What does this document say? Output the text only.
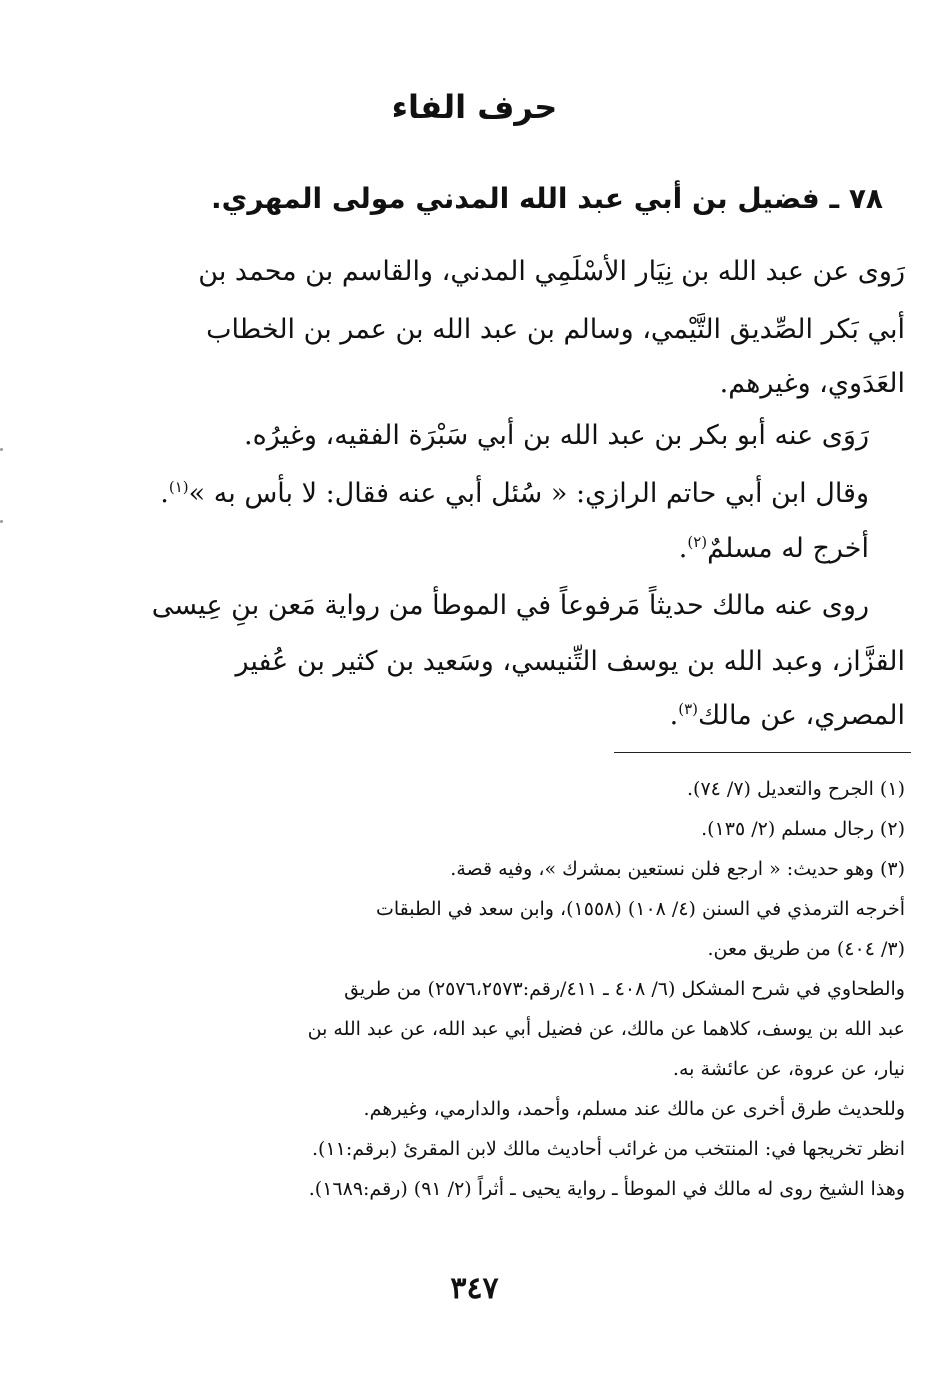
حرف الفاء
٧٨ ـ فضيل بن أبي عبد الله المدني مولى المهري.
رَوى عن عبد الله بن نِيَار الأسْلَمِي المدني، والقاسم بن محمد بن
أبي بَكر الصِّديق التَّيْمي، وسالم بن عبد الله بن عمر بن الخطاب
العَدَوي، وغيرهم.
رَوَى عنه أبو بكر بن عبد الله بن أبي سَبْرَة الفقيه، وغيرُه.
وقال ابن أبي حاتم الرازي: « سُئل أبي عنه فقال: لا بأس به »$^{(١)}$.
أخرج له مسلمٌ$^{(٢)}$.
روى عنه مالك حديثاً مَرفوعاً في الموطأ من رواية مَعن بنِ عِيسى
القزَّاز، وعبد الله بن يوسف التِّنيسي، وسَعيد بن كثير بن عُفير
المصري، عن مالك$^{(٣)}$.
(١) الجرح والتعديل (٧/ ٧٤).
(٢) رجال مسلم (٢/ ١٣٥).
(٣) وهو حديث: « ارجع فلن نستعين بمشرك »، وفيه قصة.
أخرجه الترمذي في السنن (٤/ ١٠٨) (١٥٥٨)، وابن سعد في الطبقات
(٣/ ٤٠٤) من طريق معن.
والطحاوي في شرح المشكل (٦/ ٤٠٨ ـ ٤١١/رقم:٢٥٧٦،٢٥٧٣) من طريق
عبد الله بن يوسف، كلاهما عن مالك، عن فضيل أبي عبد الله، عن عبد الله بن
نيار، عن عروة، عن عائشة به.
وللحديث طرق أخرى عن مالك عند مسلم، وأحمد، والدارمي، وغيرهم.
انظر تخريجها في: المنتخب من غرائب أحاديث مالك لابن المقرئ (برقم:١١).
وهذا الشيخ روى له مالك في الموطأ ـ رواية يحيى ـ أثراً (٢/ ٩١) (رقم:١٦٨٩).
٣٤٧
